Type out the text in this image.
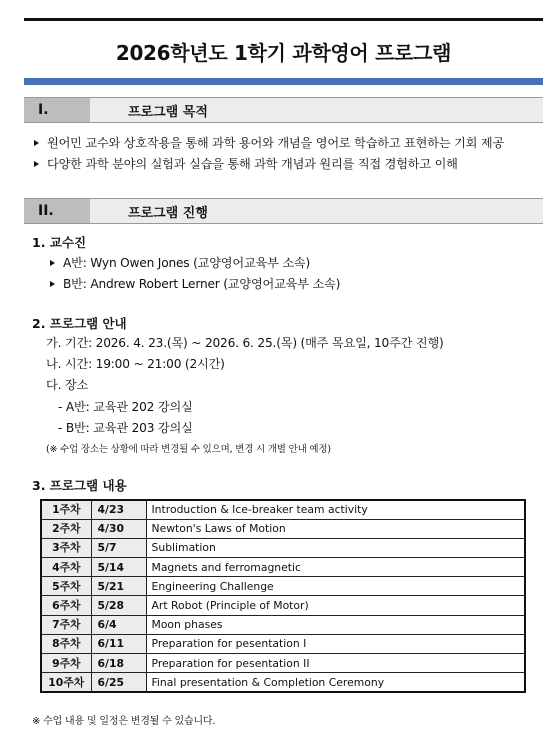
2026학년도 1학기 과학영어 프로그램
I.	프로그램 목적
원어민 교수와 상호작용을 통해 과학 용어와 개념을 영어로 학습하고 표현하는 기회 제공
다양한 과학 분야의 실험과 실습을 통해 과학 개념과 원리를 직접 경험하고 이해
II.	프로그램 진행
1. 교수진
A반: Wyn Owen Jones (교양영어교육부 소속)
B반: Andrew Robert Lerner (교양영어교육부 소속)
2. 프로그램 안내
가. 기간: 2026. 4. 23.(목) ~ 2026. 6. 25.(목) (매주 목요일, 10주간 진행)
나. 시간: 19:00 ~ 21:00 (2시간)
다. 장소
- A반: 교육관 202 강의실
- B반: 교육관 203 강의실
(※ 수업 장소는 상황에 따라 변경될 수 있으며, 변경 시 개별 안내 예정)
3. 프로그램 내용
1주차	4/23	Introduction & Ice-breaker team activity
2주차	4/30	Newton's Laws of Motion
3주차	5/7	Sublimation
4주차	5/14	Magnets and ferromagnetic
5주차	5/21	Engineering Challenge
6주차	5/28	Art Robot (Principle of Motor)
7주차	6/4	Moon phases
8주차	6/11	Preparation for pesentation I
9주차	6/18	Preparation for pesentation II
10주차	6/25	Final presentation & Completion Ceremony
※ 수업 내용 및 일정은 변경될 수 있습니다.
